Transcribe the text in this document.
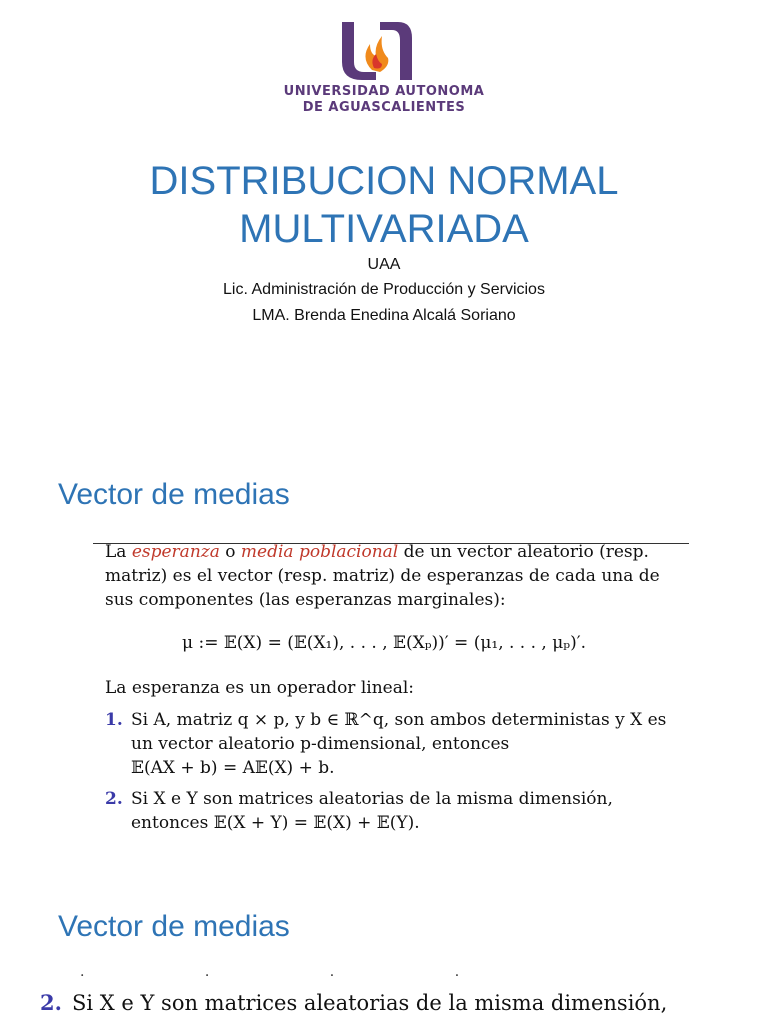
UNIVERSIDAD AUTONOMA
DE AGUASCALIENTES
DISTRIBUCION NORMAL
MULTIVARIADA
UAA
Lic. Administración de Producción y Servicios
LMA. Brenda Enedina Alcalá Soriano
Vector de medias
La esperanza o media poblacional de un vector aleatorio (resp. matriz) es el vector (resp. matriz) de esperanzas de cada una de sus componentes (las esperanzas marginales):
μ := 𝔼(X) = (𝔼(X₁), . . . , 𝔼(Xₚ))′ = (μ₁, . . . , μₚ)′.
La esperanza es un operador lineal:
1. Si A, matriz q × p, y b ∈ ℝ^q, son ambos deterministas y X es
un vector aleatorio p-dimensional, entonces
𝔼(AX + b) = A𝔼(X) + b.
2. Si X e Y son matrices aleatorias de la misma dimensión,
entonces 𝔼(X + Y) = 𝔼(X) + 𝔼(Y).
Vector de medias
· · · ·
2. Si X e Y son matrices aleatorias de la misma dimensión,
